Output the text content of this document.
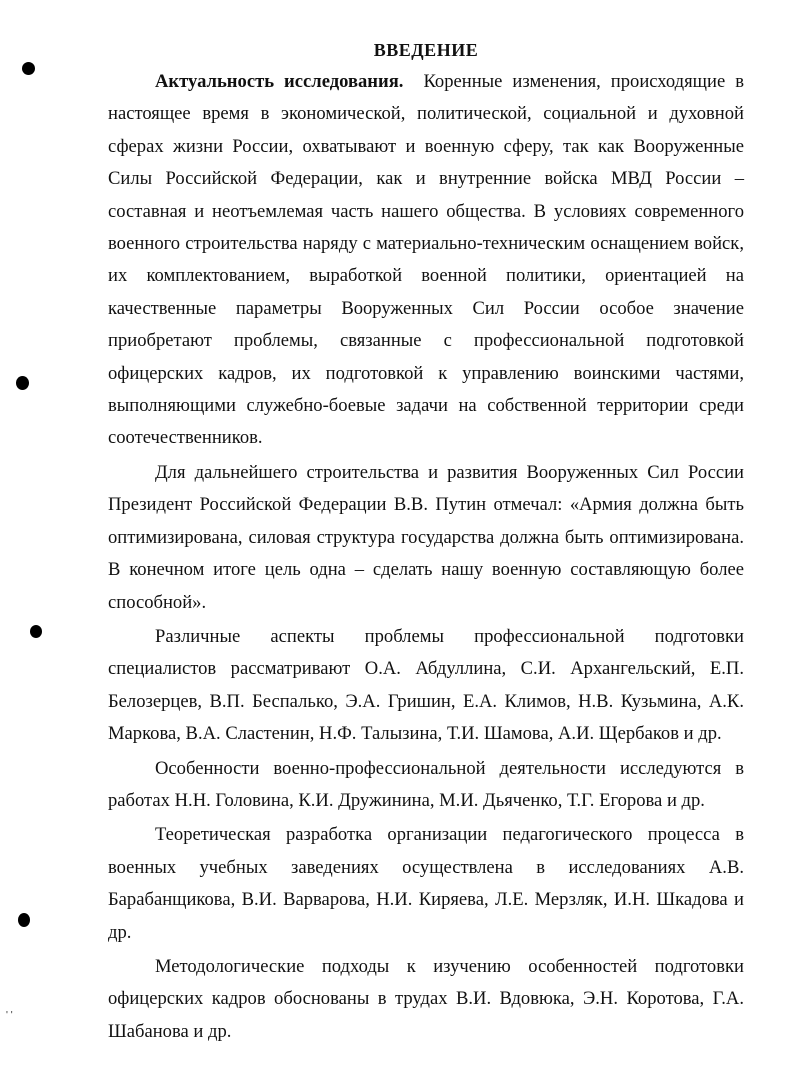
' '
ВВЕДЕНИЕ

Актуальность исследования. Коренные изменения, происходящие в настоящее время в экономической, политической, социальной и духовной сферах жизни России, охватывают и военную сферу, так как Вооруженные Силы Российской Федерации, как и внутренние войска МВД России – составная и неотъемлемая часть нашего общества. В условиях современного военного строительства наряду с материально-техническим оснащением войск, их комплектованием, выработкой военной политики, ориентацией на качественные параметры Вооруженных Сил России особое значение приобретают проблемы, связанные с профессиональной подготовкой офицерских кадров, их подготовкой к управлению воинскими частями, выполняющими служебно-боевые задачи на собственной территории среди соотечественников.

Для дальнейшего строительства и развития Вооруженных Сил России Президент Российской Федерации В.В. Путин отмечал: «Армия должна быть оптимизирована, силовая структура государства должна быть оптимизирована. В конечном итоге цель одна – сделать нашу военную составляющую более способной».

Различные аспекты проблемы профессиональной подготовки специалистов рассматривают О.А. Абдуллина, С.И. Архангельский, Е.П. Белозерцев, В.П. Беспалько, Э.А. Гришин, Е.А. Климов, Н.В. Кузьмина, А.К. Маркова, В.А. Сластенин, Н.Ф. Талызина, Т.И. Шамова, А.И. Щербаков и др.

Особенности военно-профессиональной деятельности исследуются в работах Н.Н. Головина, К.И. Дружинина, М.И. Дьяченко, Т.Г. Егорова и др.

Теоретическая разработка организации педагогического процесса в военных учебных заведениях осуществлена в исследованиях А.В. Барабанщикова, В.И. Варварова, Н.И. Киряева, Л.Е. Мерзляк, И.Н. Шкадова и др.

Методологические подходы к изучению особенностей подготовки офицерских кадров обоснованы в трудах В.И. Вдовюка, Э.Н. Коротова, Г.А. Шабанова и др.
